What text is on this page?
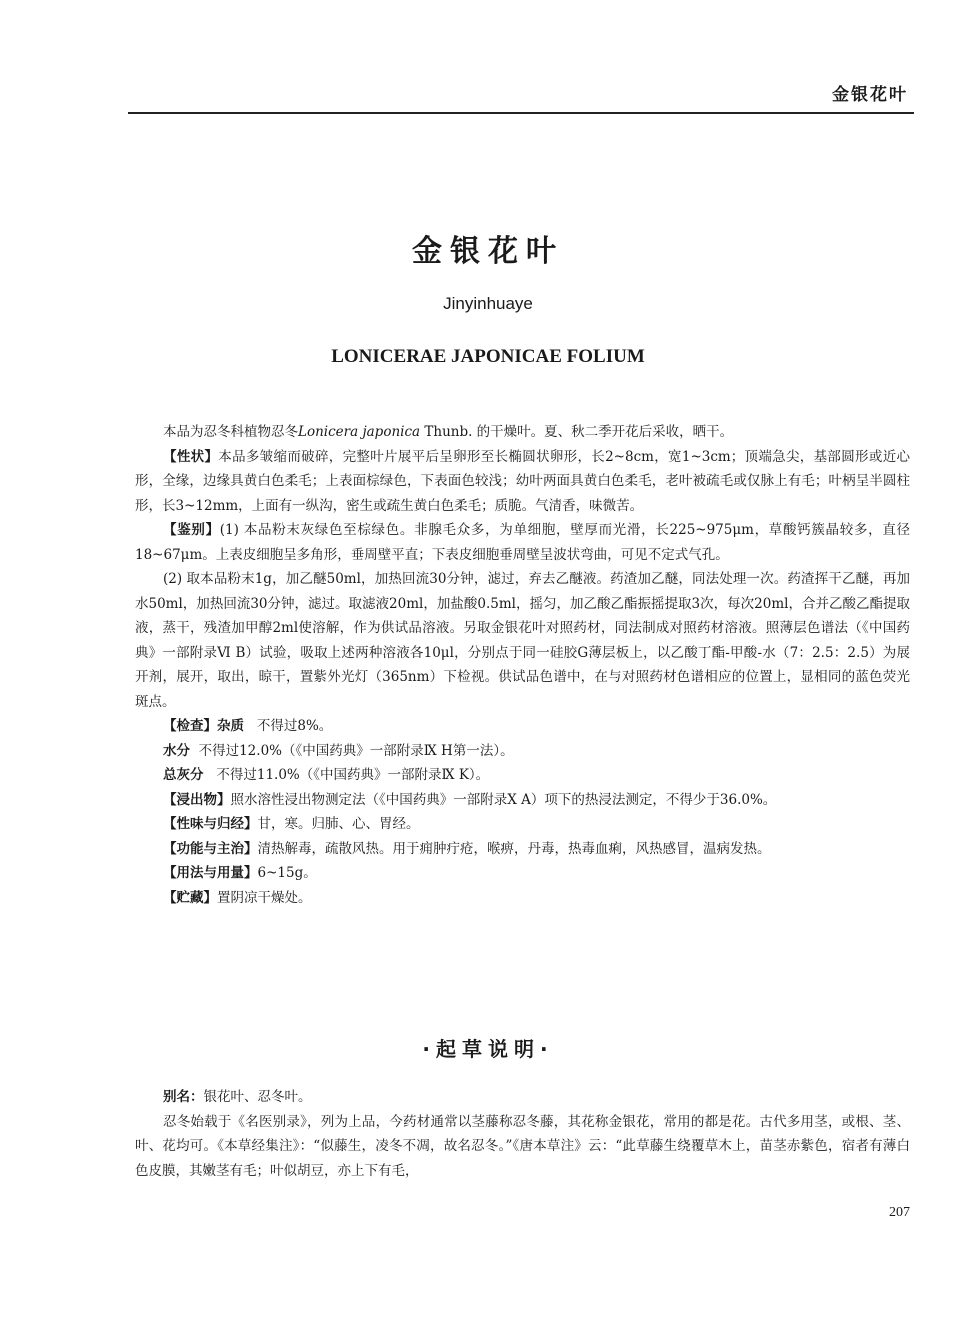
金银花叶
金银花叶
Jinyinhuaye
LONICERAE JAPONICAE FOLIUM

本品为忍冬科植物忍冬Lonicera japonica Thunb. 的干燥叶。夏、秋二季开花后采收，晒干。

【性状】本品多皱缩而破碎，完整叶片展平后呈卵形至长椭圆状卵形，长2~8cm，宽1~3cm；顶端急尖，基部圆形或近心形，全缘，边缘具黄白色柔毛；上表面棕绿色，下表面色较浅；幼叶两面具黄白色柔毛，老叶被疏毛或仅脉上有毛；叶柄呈半圆柱形，长3~12mm，上面有一纵沟，密生或疏生黄白色柔毛；质脆。气清香，味微苦。

【鉴别】(1) 本品粉末灰绿色至棕绿色。非腺毛众多，为单细胞，壁厚而光滑，长225~975μm，草酸钙簇晶较多，直径18~67μm。上表皮细胞呈多角形，垂周壁平直；下表皮细胞垂周壁呈波状弯曲，可见不定式气孔。

(2) 取本品粉末1g，加乙醚50ml，加热回流30分钟，滤过，弃去乙醚液。药渣加乙醚，同法处理一次。药渣挥干乙醚，再加水50ml，加热回流30分钟，滤过。取滤液20ml，加盐酸0.5ml，摇匀，加乙酸乙酯振摇提取3次，每次20ml，合并乙酸乙酯提取液，蒸干，残渣加甲醇2ml使溶解，作为供试品溶液。另取金银花叶对照药材，同法制成对照药材溶液。照薄层色谱法（《中国药典》一部附录Ⅵ B）试验，吸取上述两种溶液各10μl，分别点于同一硅胶G薄层板上，以乙酸丁酯-甲酸-水（7：2.5：2.5）为展开剂，展开，取出，晾干，置紫外光灯（365nm）下检视。供试品色谱中，在与对照药材色谱相应的位置上，显相同的蓝色荧光斑点。

【检查】杂质 不得过8%。

水分 不得过12.0%（《中国药典》一部附录Ⅸ H第一法）。

总灰分 不得过11.0%（《中国药典》一部附录Ⅸ K）。

【浸出物】照水溶性浸出物测定法（《中国药典》一部附录Ⅹ A）项下的热浸法测定，不得少于36.0%。

【性味与归经】甘，寒。归肺、心、胃经。

【功能与主治】清热解毒，疏散风热。用于痈肿疔疮，喉痹，丹毒，热毒血痢，风热感冒，温病发热。

【用法与用量】6~15g。

【贮藏】置阴凉干燥处。

·起草说明·

别名：银花叶、忍冬叶。

忍冬始载于《名医别录》，列为上品，今药材通常以茎藤称忍冬藤，其花称金银花，常用的都是花。古代多用茎，或根、茎、叶、花均可。《本草经集注》：“似藤生，凌冬不凋，故名忍冬。”《唐本草注》云：“此草藤生绕覆草木上，苗茎赤紫色，宿者有薄白色皮膜，其嫩茎有毛；叶似胡豆，亦上下有毛，

207
